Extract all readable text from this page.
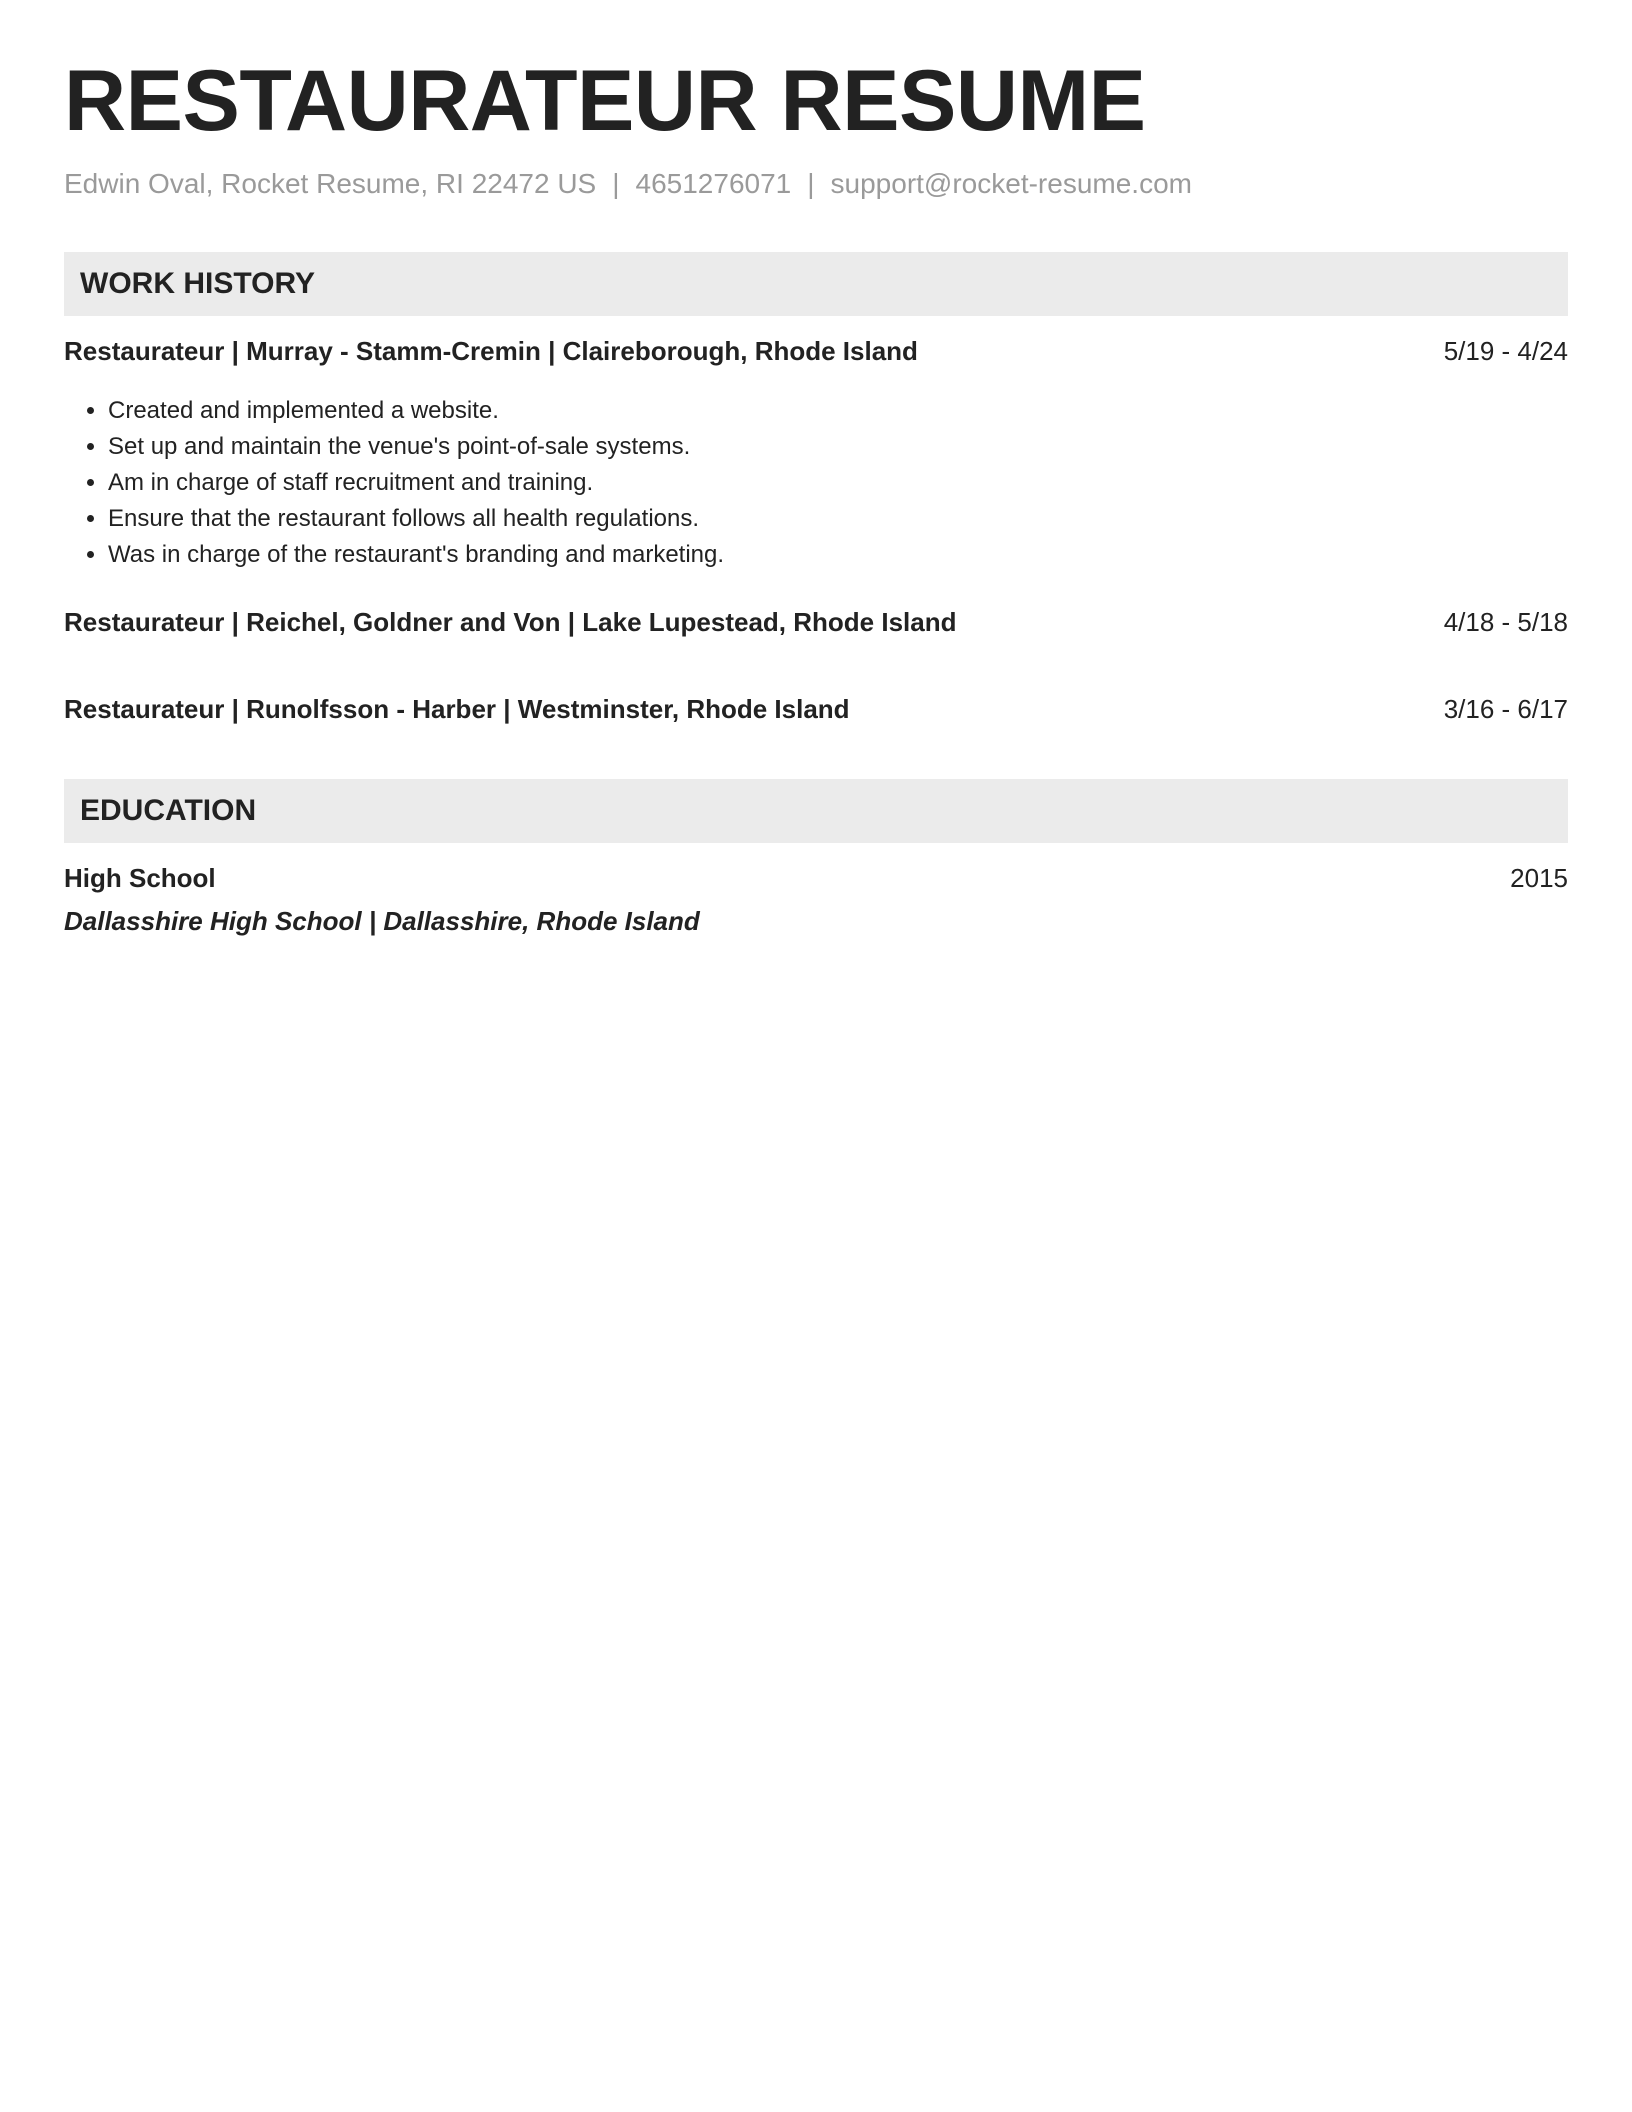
RESTAURATEUR RESUME
Edwin Oval, Rocket Resume, RI 22472 US | 4651276071 | support@rocket-resume.com
WORK HISTORY
Restaurateur | Murray - Stamm-Cremin | Claireborough, Rhode Island	5/19 - 4/24
• Created and implemented a website.
• Set up and maintain the venue's point-of-sale systems.
• Am in charge of staff recruitment and training.
• Ensure that the restaurant follows all health regulations.
• Was in charge of the restaurant's branding and marketing.
Restaurateur | Reichel, Goldner and Von | Lake Lupestead, Rhode Island	4/18 - 5/18
Restaurateur | Runolfsson - Harber | Westminster, Rhode Island	3/16 - 6/17
EDUCATION
High School	2015
Dallasshire High School | Dallasshire, Rhode Island
